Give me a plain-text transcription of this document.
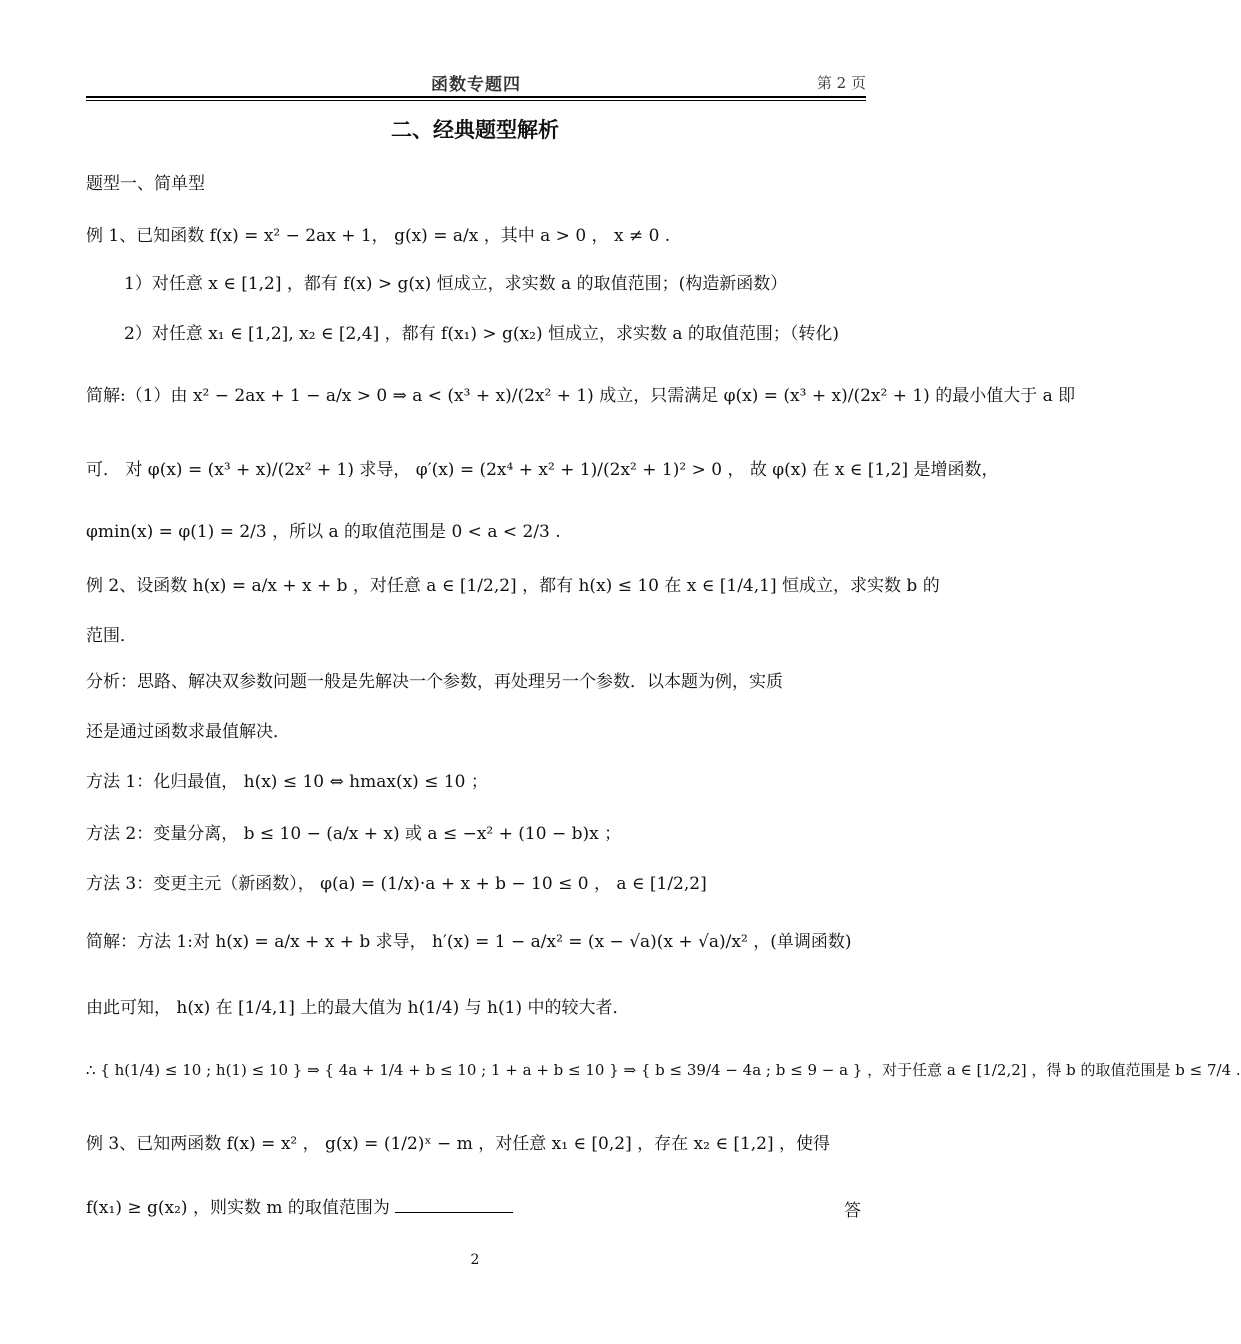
函数专题四	第 2 页
二、经典题型解析
题型一、简单型
例 1、已知函数 f(x) = x² − 2ax + 1， g(x) = a/x ，其中 a > 0 ， x ≠ 0 .
1）对任意 x ∈ [1,2] ，都有 f(x) > g(x) 恒成立，求实数 a 的取值范围；(构造新函数）
2）对任意 x₁ ∈ [1,2], x₂ ∈ [2,4] ，都有 f(x₁) > g(x₂) 恒成立，求实数 a 的取值范围；（转化)
简解:（1）由 x² − 2ax + 1 − a/x > 0 ⇒ a < (x³ + x)/(2x² + 1) 成立，只需满足 φ(x) = (x³ + x)/(2x² + 1) 的最小值大于 a 即
可． 对 φ(x) = (x³ + x)/(2x² + 1) 求导， φ′(x) = (2x⁴ + x² + 1)/(2x² + 1)² > 0 ， 故 φ(x) 在 x ∈ [1,2] 是增函数，
φmin(x) = φ(1) = 2/3 ，所以 a 的取值范围是 0 < a < 2/3 .
例 2、设函数 h(x) = a/x + x + b ，对任意 a ∈ [1/2,2] ，都有 h(x) ≤ 10 在 x ∈ [1/4,1] 恒成立，求实数 b 的
范围．
分析：思路、解决双参数问题一般是先解决一个参数，再处理另一个参数．以本题为例，实质
还是通过函数求最值解决．
方法 1：化归最值， h(x) ≤ 10 ⇔ hmax(x) ≤ 10 ；
方法 2：变量分离， b ≤ 10 − (a/x + x) 或 a ≤ −x² + (10 − b)x ；
方法 3：变更主元（新函数）， φ(a) = (1/x)·a + x + b − 10 ≤ 0 ， a ∈ [1/2,2]
简解：方法 1:对 h(x) = a/x + x + b 求导， h′(x) = 1 − a/x² = (x − √a)(x + √a)/x² ，(单调函数)
由此可知， h(x) 在 [1/4,1] 上的最大值为 h(1/4) 与 h(1) 中的较大者．
∴ { h(1/4) ≤ 10 ; h(1) ≤ 10 } ⇒ { 4a + 1/4 + b ≤ 10 ; 1 + a + b ≤ 10 } ⇒ { b ≤ 39/4 − 4a ; b ≤ 9 − a } ，对于任意 a ∈ [1/2,2] ，得 b 的取值范围是 b ≤ 7/4 .
例 3、已知两函数 f(x) = x² ， g(x) = (1/2)ˣ − m ，对任意 x₁ ∈ [0,2] ，存在 x₂ ∈ [1,2] ，使得
f(x₁) ≥ g(x₂) ，则实数 m 的取值范围为	答
2
